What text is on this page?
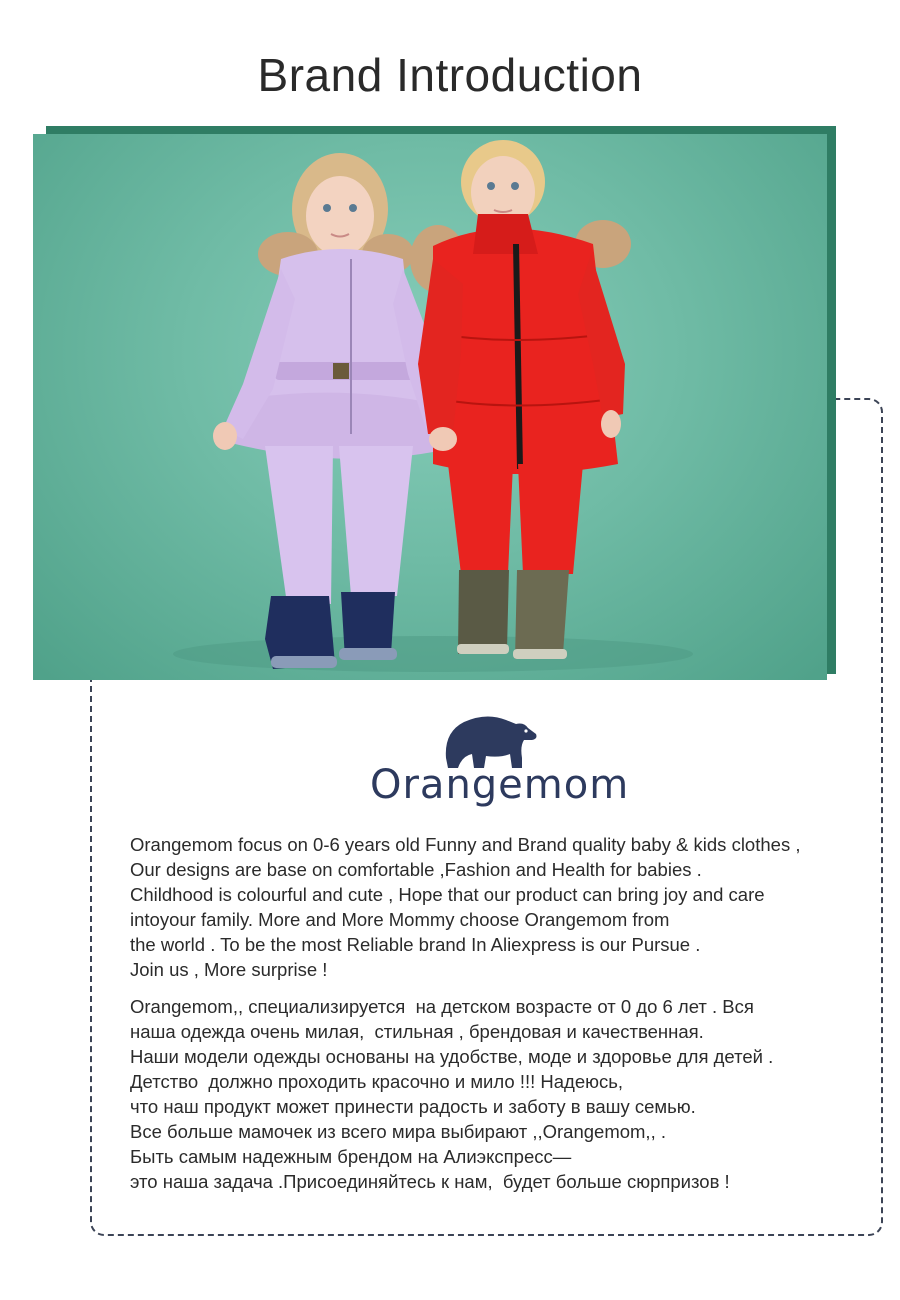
Brand Introduction
Orangemom
Orangemom focus on 0-6 years old Funny and Brand quality baby & kids clothes ,
Our designs are base on comfortable ,Fashion and Health for babies .
Childhood is colourful and cute , Hope that our product can bring joy and care
intoyour family. More and More Mommy choose Orangemom from
the world . To be the most Reliable brand In Aliexpress is our Pursue .
Join us , More surprise !
Orangemom,, специализируется  на детском возрасте от 0 до 6 лет . Вся
наша одежда очень милая,  стильная , брендовая и качественная.
Наши модели одежды основаны на удобстве, моде и здоровье для детей .
Детство  должно проходить красочно и мило !!! Надеюсь,
что наш продукт может принести радость и заботу в вашу семью.
Все больше мамочек из всего мира выбирают ,,Orangemom,, .
Быть самым надежным брендом на Алиэкспресс—
это наша задача .Присоединяйтесь к нам,  будет больше сюрпризов !
